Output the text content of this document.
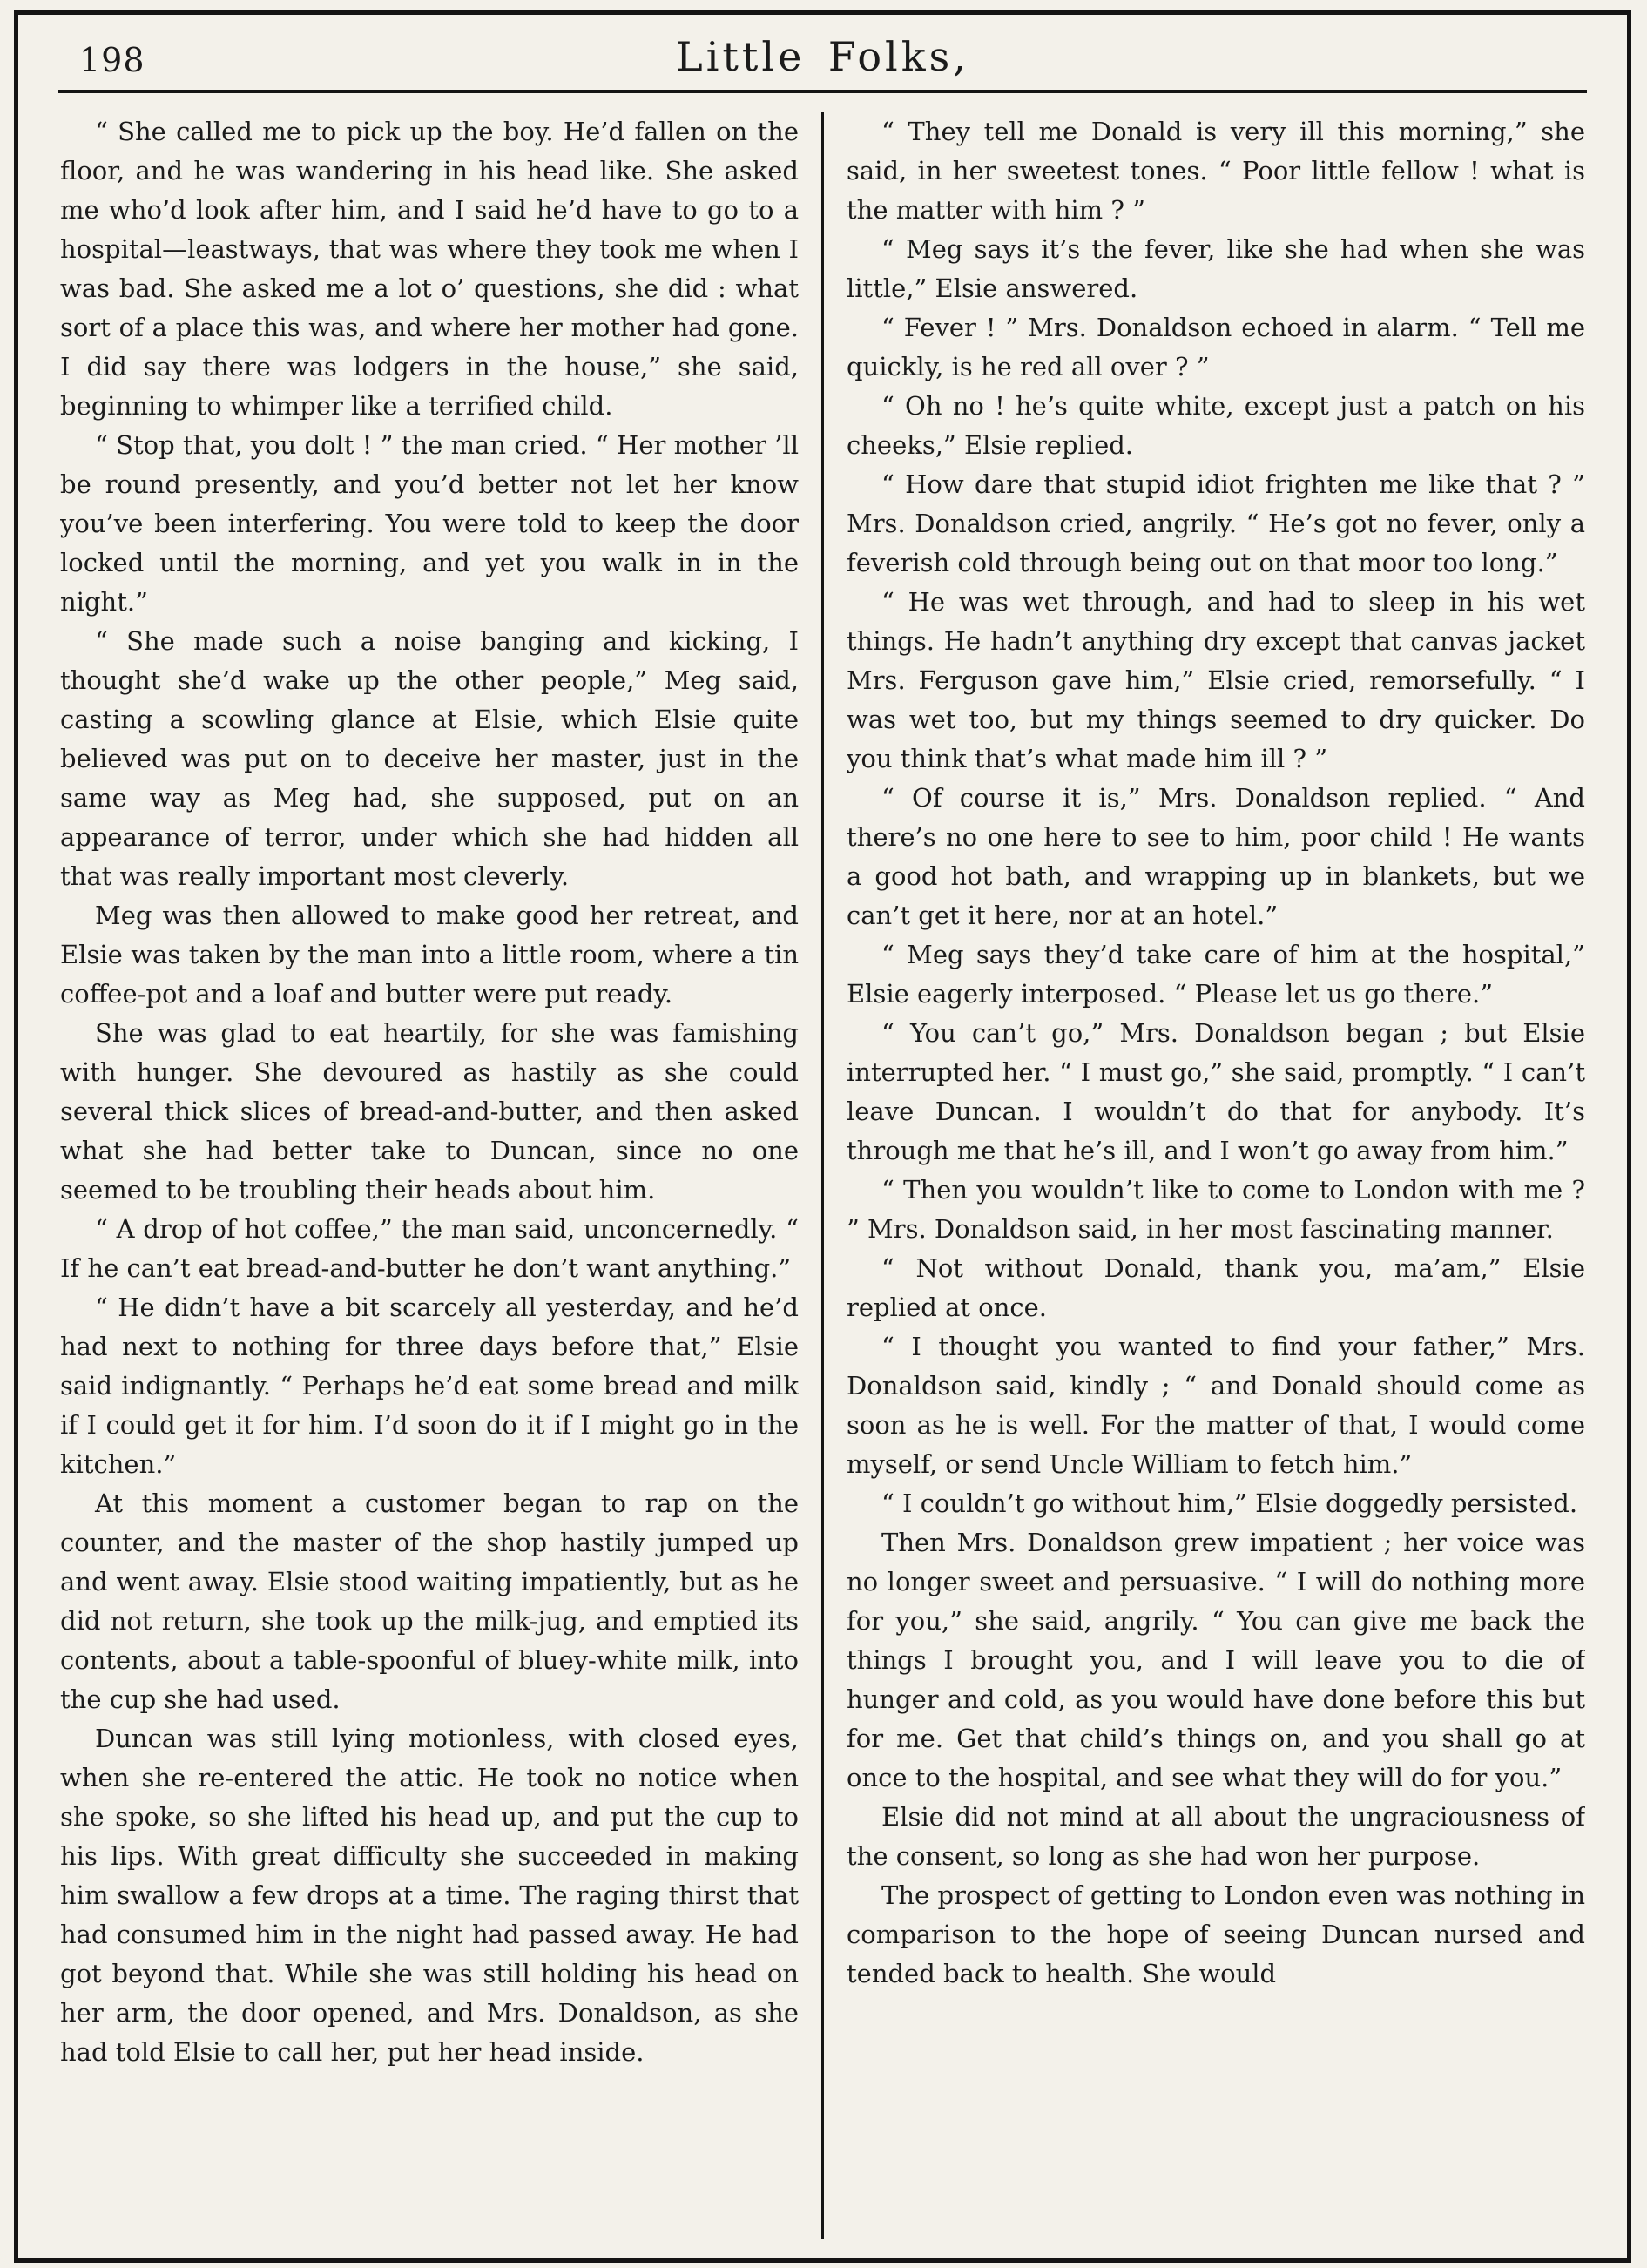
198	Little Folks,

“ She called me to pick up the boy. He’d fallen on the floor, and he was wandering in his head like. She asked me who’d look after him, and I said he’d have to go to a hospital—leastways, that was where they took me when I was bad. She asked me a lot o’ questions, she did : what sort of a place this was, and where her mother had gone. I did say there was lodgers in the house,” she said, beginning to whimper like a terrified child.

“ Stop that, you dolt ! ” the man cried. “ Her mother ’ll be round presently, and you’d better not let her know you’ve been interfering. You were told to keep the door locked until the morning, and yet you walk in in the night.”

“ She made such a noise banging and kicking, I thought she’d wake up the other people,” Meg said, casting a scowling glance at Elsie, which Elsie quite believed was put on to deceive her master, just in the same way as Meg had, she supposed, put on an appearance of terror, under which she had hidden all that was really important most cleverly.

Meg was then allowed to make good her retreat, and Elsie was taken by the man into a little room, where a tin coffee-pot and a loaf and butter were put ready.

She was glad to eat heartily, for she was famishing with hunger. She devoured as hastily as she could several thick slices of bread-and-butter, and then asked what she had better take to Duncan, since no one seemed to be troubling their heads about him.

“ A drop of hot coffee,” the man said, unconcernedly. “ If he can’t eat bread-and-butter he don’t want anything.”

“ He didn’t have a bit scarcely all yesterday, and he’d had next to nothing for three days before that,” Elsie said indignantly. “ Perhaps he’d eat some bread and milk if I could get it for him. I’d soon do it if I might go in the kitchen.”

At this moment a customer began to rap on the counter, and the master of the shop hastily jumped up and went away. Elsie stood waiting impatiently, but as he did not return, she took up the milk-jug, and emptied its contents, about a table-spoonful of bluey-white milk, into the cup she had used.

Duncan was still lying motionless, with closed eyes, when she re-entered the attic. He took no notice when she spoke, so she lifted his head up, and put the cup to his lips. With great difficulty she succeeded in making him swallow a few drops at a time. The raging thirst that had consumed him in the night had passed away. He had got beyond that. While she was still holding his head on her arm, the door opened, and Mrs. Donaldson, as she had told Elsie to call her, put her head inside.

“ They tell me Donald is very ill this morning,” she said, in her sweetest tones. “ Poor little fellow ! what is the matter with him ? ”

“ Meg says it’s the fever, like she had when she was little,” Elsie answered.

“ Fever ! ” Mrs. Donaldson echoed in alarm. “ Tell me quickly, is he red all over ? ”

“ Oh no ! he’s quite white, except just a patch on his cheeks,” Elsie replied.

“ How dare that stupid idiot frighten me like that ? ” Mrs. Donaldson cried, angrily. “ He’s got no fever, only a feverish cold through being out on that moor too long.”

“ He was wet through, and had to sleep in his wet things. He hadn’t anything dry except that canvas jacket Mrs. Ferguson gave him,” Elsie cried, remorsefully. “ I was wet too, but my things seemed to dry quicker. Do you think that’s what made him ill ? ”

“ Of course it is,” Mrs. Donaldson replied. “ And there’s no one here to see to him, poor child ! He wants a good hot bath, and wrapping up in blankets, but we can’t get it here, nor at an hotel.”

“ Meg says they’d take care of him at the hospital,” Elsie eagerly interposed. “ Please let us go there.”

“ You can’t go,” Mrs. Donaldson began ; but Elsie interrupted her. “ I must go,” she said, promptly. “ I can’t leave Duncan. I wouldn’t do that for anybody. It’s through me that he’s ill, and I won’t go away from him.”

“ Then you wouldn’t like to come to London with me ? ” Mrs. Donaldson said, in her most fascinating manner.

“ Not without Donald, thank you, ma’am,” Elsie replied at once.

“ I thought you wanted to find your father,” Mrs. Donaldson said, kindly ; “ and Donald should come as soon as he is well. For the matter of that, I would come myself, or send Uncle William to fetch him.”

“ I couldn’t go without him,” Elsie doggedly persisted.

Then Mrs. Donaldson grew impatient ; her voice was no longer sweet and persuasive. “ I will do nothing more for you,” she said, angrily. “ You can give me back the things I brought you, and I will leave you to die of hunger and cold, as you would have done before this but for me. Get that child’s things on, and you shall go at once to the hospital, and see what they will do for you.”

Elsie did not mind at all about the ungraciousness of the consent, so long as she had won her purpose.

The prospect of getting to London even was nothing in comparison to the hope of seeing Duncan nursed and tended back to health. She would
